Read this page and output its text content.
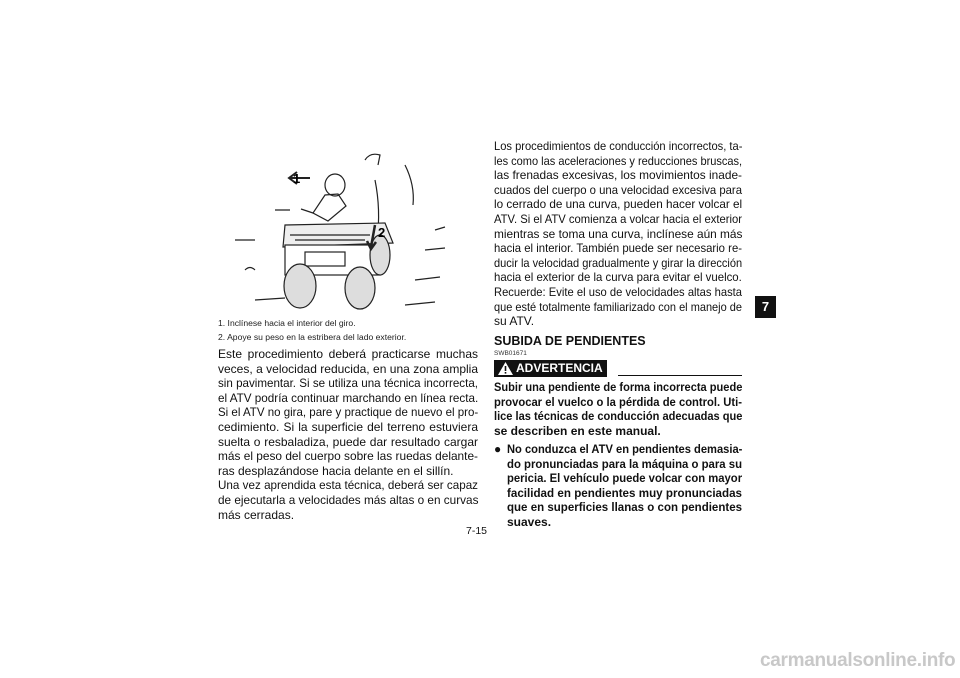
1
2
1. Inclínese hacia el interior del giro.
2. Apoye su peso en la estribera del lado exterior.
Este procedimiento deberá practicarse muchas
veces, a velocidad reducida, en una zona amplia
sin pavimentar. Si se utiliza una técnica incorrecta,
el ATV podría continuar marchando en línea recta.
Si el ATV no gira, pare y practique de nuevo el pro-
cedimiento. Si la superficie del terreno estuviera
suelta o resbaladiza, puede dar resultado cargar
más el peso del cuerpo sobre las ruedas delante-
ras desplazándose hacia delante en el sillín.
Una vez aprendida esta técnica, deberá ser capaz
de ejecutarla a velocidades más altas o en curvas
más cerradas.
Los procedimientos de conducción incorrectos, ta-
les como las aceleraciones y reducciones bruscas,
las frenadas excesivas, los movimientos inade-
cuados del cuerpo o una velocidad excesiva para
lo cerrado de una curva, pueden hacer volcar el
ATV. Si el ATV comienza a volcar hacia el exterior
mientras se toma una curva, inclínese aún más
hacia el interior. También puede ser necesario re-
ducir la velocidad gradualmente y girar la dirección
hacia el exterior de la curva para evitar el vuelco.
Recuerde: Evite el uso de velocidades altas hasta
que esté totalmente familiarizado con el manejo de
su ATV.
SUBIDA DE PENDIENTES
SWB01671
ADVERTENCIA
Subir una pendiente de forma incorrecta puede
provocar el vuelco o la pérdida de control. Uti-
lice las técnicas de conducción adecuadas que
se describen en este manual.
● No conduzca el ATV en pendientes demasia-
do pronunciadas para la máquina o para su
pericia. El vehículo puede volcar con mayor
facilidad en pendientes muy pronunciadas
que en superficies llanas o con pendientes
suaves.
7
7-15
carmanualsonline.info
